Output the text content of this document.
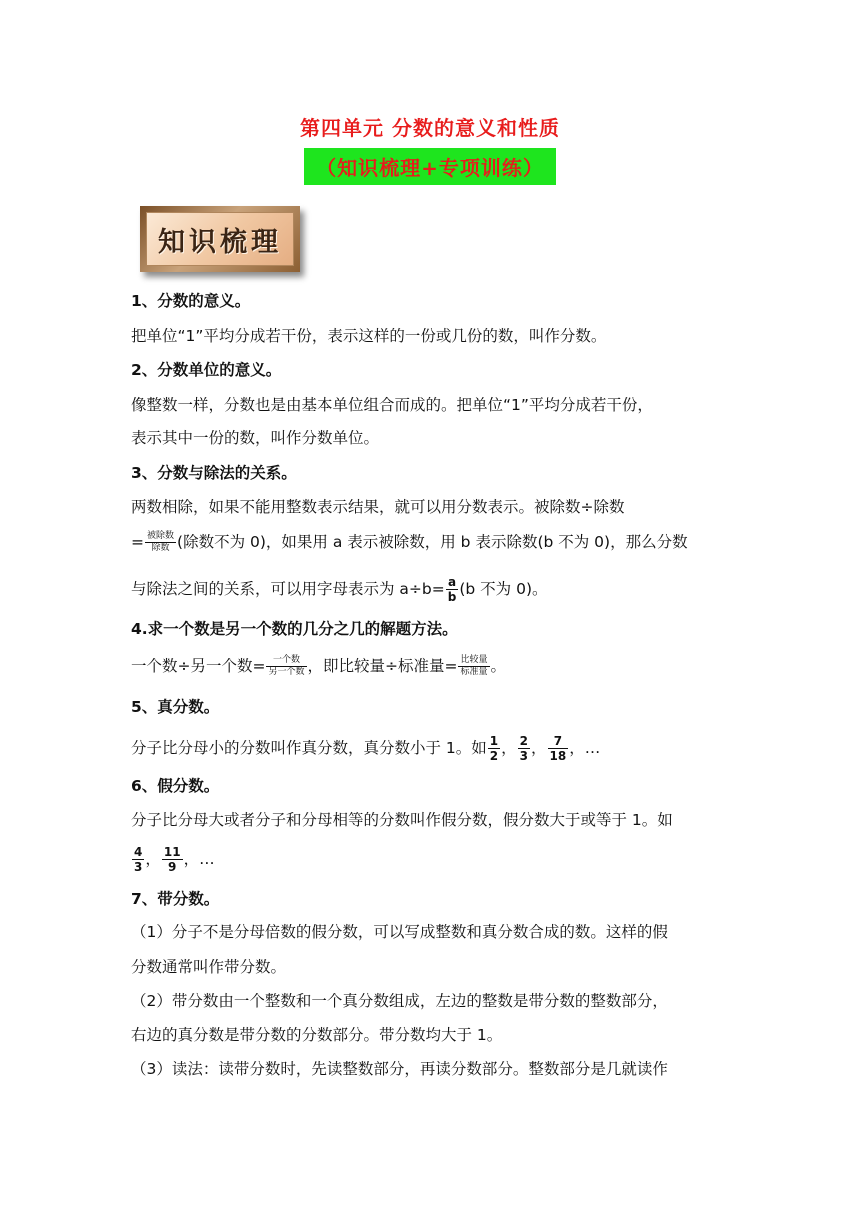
第四单元 分数的意义和性质
（知识梳理+专项训练）
知识梳理
1、分数的意义。
把单位“1”平均分成若干份，表示这样的一份或几份的数，叫作分数。
2、分数单位的意义。
像整数一样，分数也是由基本单位组合而成的。把单位“1”平均分成若干份，
表示其中一份的数，叫作分数单位。
3、分数与除法的关系。
两数相除，如果不能用整数表示结果，就可以用分数表示。被除数÷除数
= 被除数
除数 (除数不为 0)，如果用 a 表示被除数，用 b 表示除数(b 不为 0)，那么分数
与除法之间的关系，可以用字母表示为 $a\div b= \frac{a}{b} (b$ 不为 0)。
4.求一个数是另一个数的几分之几的解题方法。
一个数÷另一个数= 一个数
另一个数 ，即比较量÷标准量= 比较量
标准量 。
5、真分数。
分子比分母小的分数叫作真分数，真分数小于 1。如 $\frac{1}{2}$ ， $\frac{2}{3}$ ， $\frac{7}{18}$ ，…
6、假分数。
分子比分母大或者分子和分母相等的分数叫作假分数，假分数大于或等于 1。如
$\frac{4}{3}$ ， $\frac{11}{9}$ ，…
7、带分数。
（1）分子不是分母倍数的假分数，可以写成整数和真分数合成的数。这样的假
分数通常叫作带分数。
（2）带分数由一个整数和一个真分数组成，左边的整数是带分数的整数部分，
右边的真分数是带分数的分数部分。带分数均大于 1。
（3）读法：读带分数时，先读整数部分，再读分数部分。整数部分是几就读作
